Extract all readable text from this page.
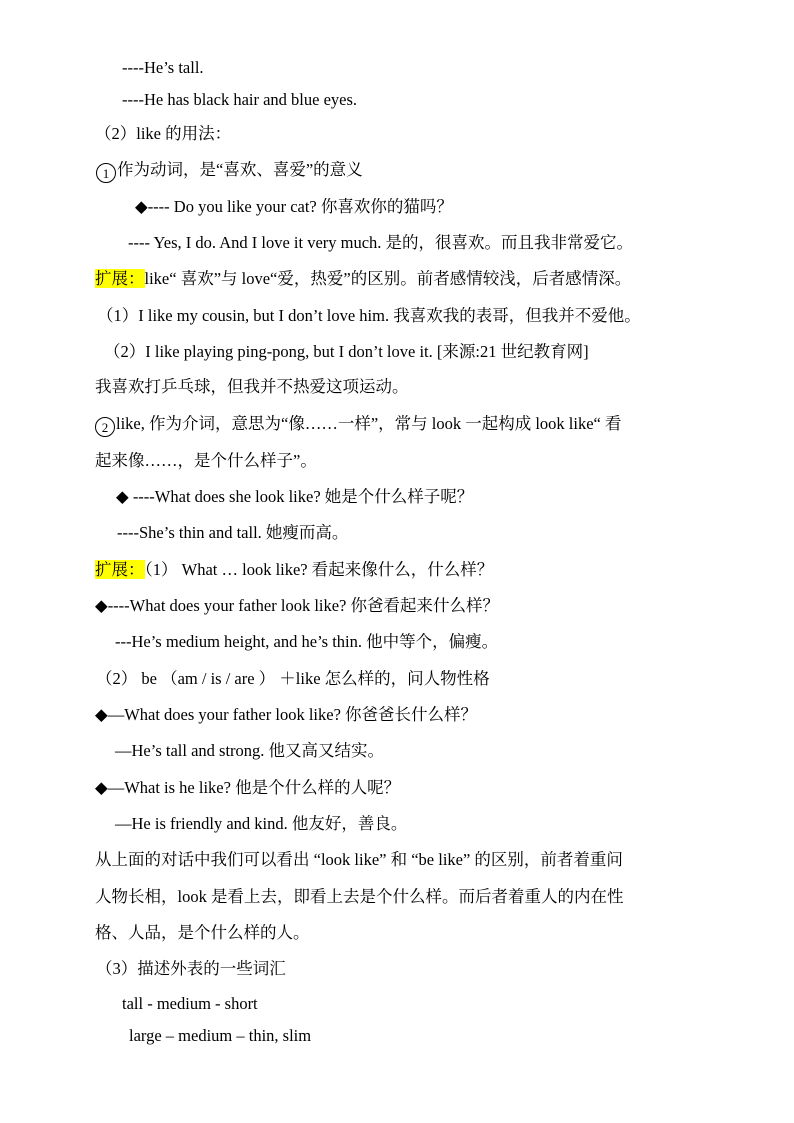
----He’s tall.
----He has black hair and blue eyes.
（2）like 的用法：
1 作为动词，是“喜欢、喜爱”的意义
◆---- Do you like your cat? 你喜欢你的猫吗？
---- Yes, I do. And I love it very much. 是的，很喜欢。而且我非常爱它。
扩展：like“ 喜欢”与 love“爱，热爱”的区别。前者感情较浅，后者感情深。
（1）I like my cousin, but I don’t love him. 我喜欢我的表哥，但我并不爱他。
（2）I like playing ping-pong, but I don’t love it. [来源:21 世纪教育网]
我喜欢打乒乓球，但我并不热爱这项运动。
2 like, 作为介词，意思为“像……一样”，常与 look 一起构成 look like“ 看
起来像……，是个什么样子”。
◆ ----What does she look like? 她是个什么样子呢？
----She’s thin and tall. 她瘦而高。
扩展：（1） What … look like? 看起来像什么，什么样？
◆----What does your father look like? 你爸看起来什么样？
---He’s medium height, and he’s thin. 他中等个，偏瘦。
（2） be （am / is / are ） ＋like 怎么样的，问人物性格
◆—What does your father look like? 你爸爸长什么样？
—He’s tall and strong. 他又高又结实。
◆—What is he like? 他是个什么样的人呢？
—He is friendly and kind. 他友好，善良。
从上面的对话中我们可以看出 “look like” 和 “be like” 的区别，前者着重问
人物长相，look 是看上去，即看上去是个什么样。而后者着重人的内在性
格、人品，是个什么样的人。
（3）描述外表的一些词汇
tall - medium - short
large – medium – thin, slim
